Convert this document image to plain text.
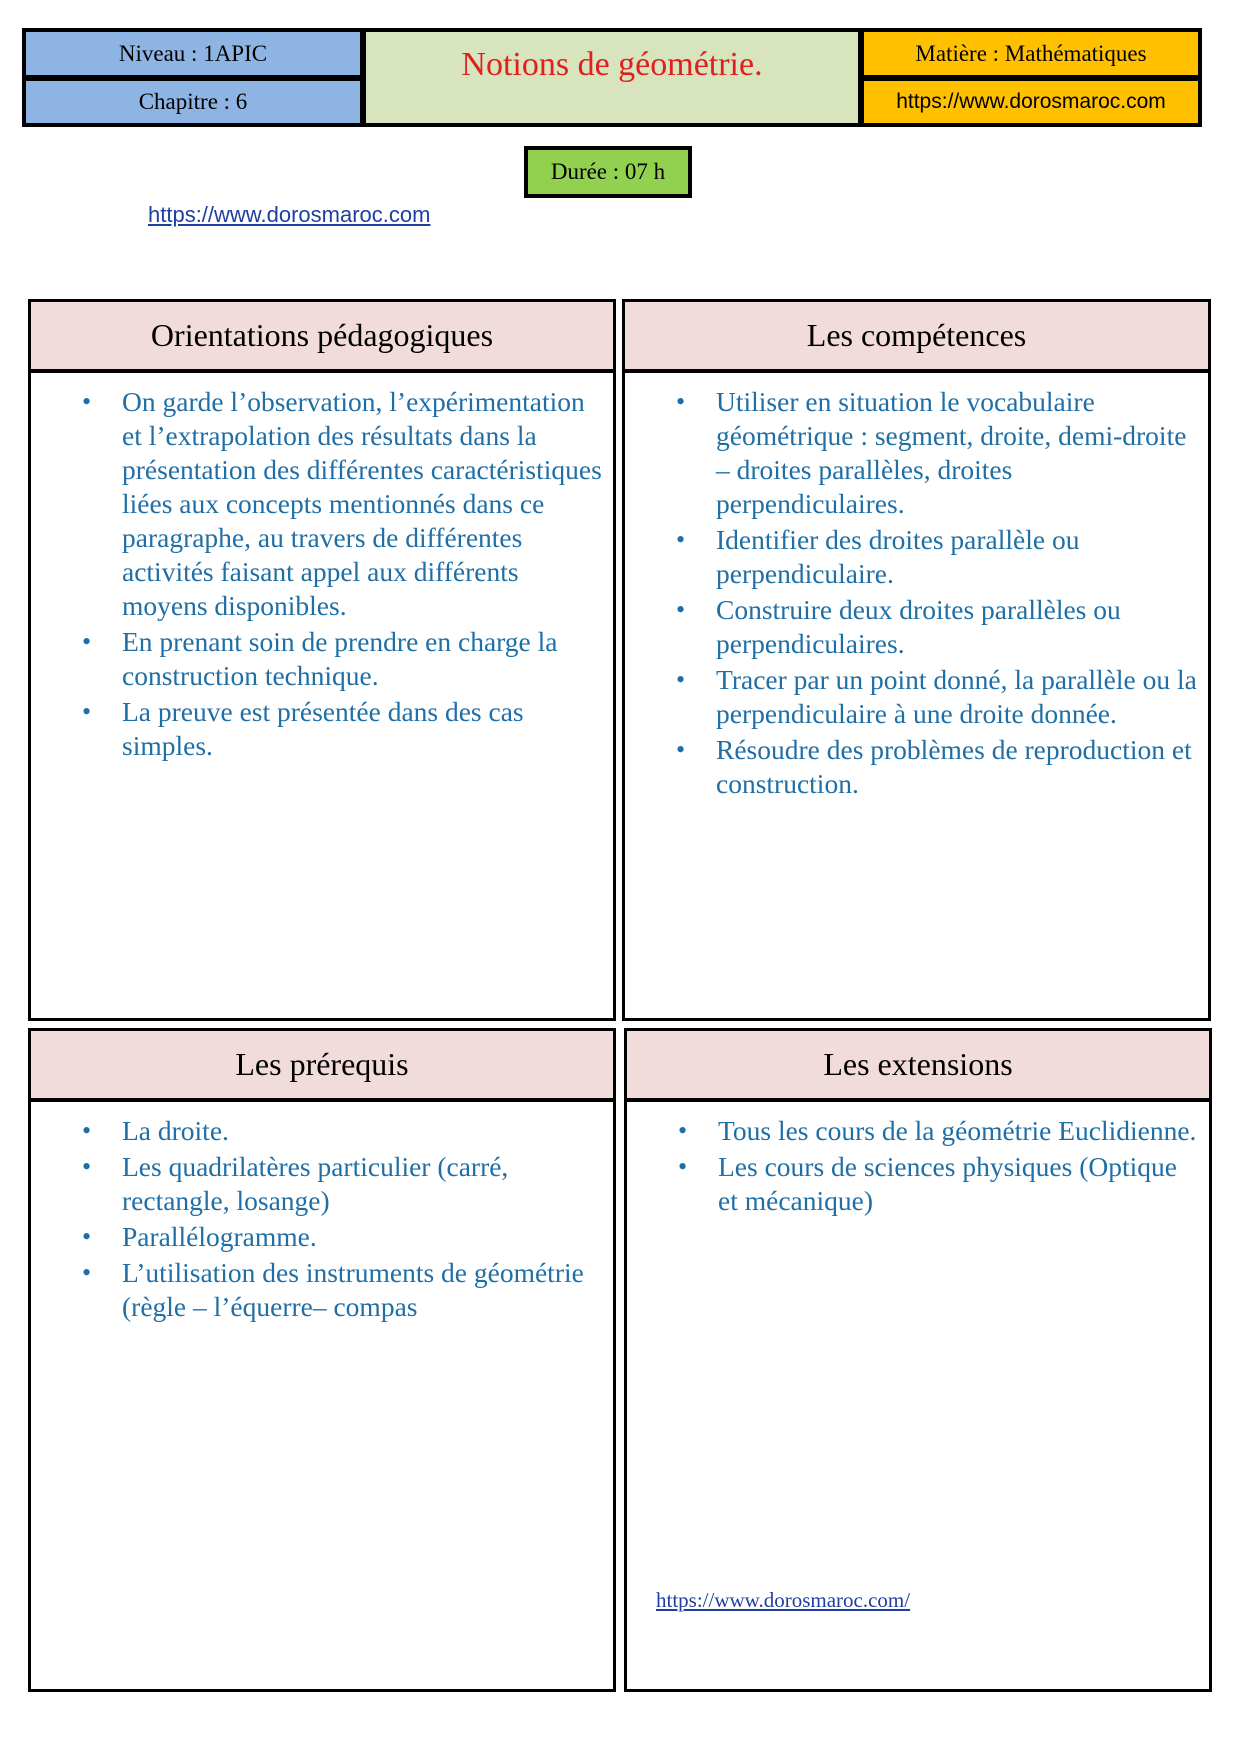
Niveau : 1APIC
Chapitre : 6
Notions de géométrie.	Matière : Mathématiques
https://www.dorosmaroc.com
Durée : 07 h
https://www.dorosmaroc.com
Orientations pédagogiques
• On garde l’observation, l’expérimentation et l’extrapolation des résultats dans la présentation des différentes caractéristiques liées aux concepts mentionnés dans ce paragraphe, au travers de différentes activités faisant appel aux différents moyens disponibles.
• En prenant soin de prendre en charge la construction technique.
• La preuve est présentée dans des cas simples.
Les compétences
• Utiliser en situation le vocabulaire géométrique : segment, droite, demi-droite – droites parallèles, droites perpendiculaires.
• Identifier des droites parallèle ou perpendiculaire.
• Construire deux droites parallèles ou perpendiculaires.
• Tracer par un point donné, la parallèle ou la perpendiculaire à une droite donnée.
• Résoudre des problèmes de reproduction et construction.
Les prérequis
• La droite.
• Les quadrilatères particulier (carré, rectangle, losange)
• Parallélogramme.
• L’utilisation des instruments de géométrie (règle – l’équerre– compas
Les extensions
• Tous les cours de la géométrie Euclidienne.
• Les cours de sciences physiques (Optique et mécanique)
https://www.dorosmaroc.com/
